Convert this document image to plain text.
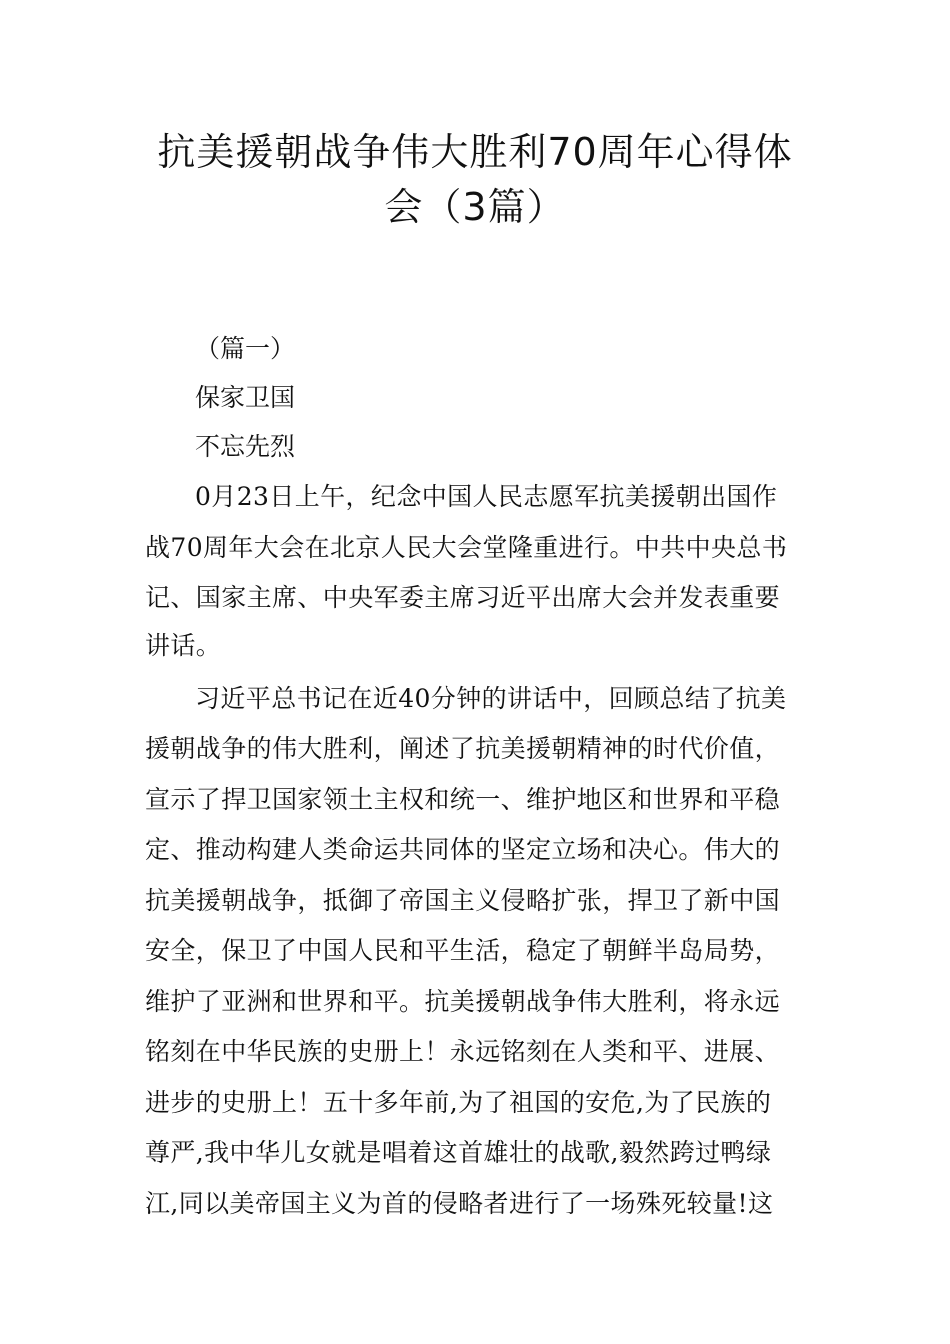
抗美援朝战争伟大胜利70周年心得体
会（3篇）
（篇一）
保家卫国
不忘先烈
0月23日上午，纪念中国人民志愿军抗美援朝出国作
战70周年大会在北京人民大会堂隆重进行。中共中央总书
记、国家主席、中央军委主席习近平出席大会并发表重要
讲话。
习近平总书记在近40分钟的讲话中，回顾总结了抗美
援朝战争的伟大胜利，阐述了抗美援朝精神的时代价值，
宣示了捍卫国家领土主权和统一、维护地区和世界和平稳
定、推动构建人类命运共同体的坚定立场和决心。伟大的
抗美援朝战争，抵御了帝国主义侵略扩张，捍卫了新中国
安全，保卫了中国人民和平生活，稳定了朝鲜半岛局势，
维护了亚洲和世界和平。抗美援朝战争伟大胜利，将永远
铭刻在中华民族的史册上！永远铭刻在人类和平、进展、
进步的史册上！五十多年前,为了祖国的安危,为了民族的
尊严,我中华儿女就是唱着这首雄壮的战歌,毅然跨过鸭绿
江,同以美帝国主义为首的侵略者进行了一场殊死较量!这
